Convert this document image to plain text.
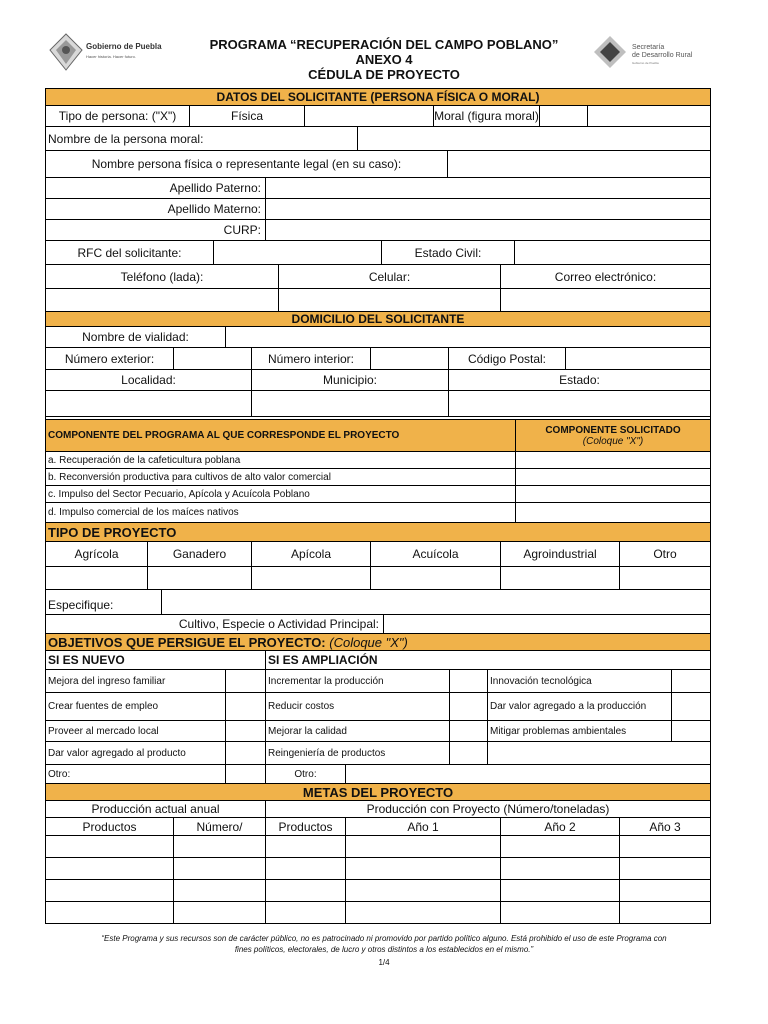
Gobierno de Puebla
Hacer historia. Hacer futuro.
PROGRAMA “RECUPERACIÓN DEL CAMPO POBLANO”
ANEXO 4
CÉDULA DE PROYECTO
Secretaría
de Desarrollo Rural
Gobierno de Puebla
DATOS DEL SOLICITANTE (PERSONA FÍSICA O MORAL)
Tipo de persona: ("X")	Física	Moral (figura moral)
Nombre de la persona moral:
Nombre persona física o representante legal (en su caso):
Apellido Paterno:
Apellido Materno:
CURP:
RFC del solicitante:	Estado Civil:
Teléfono (lada):	Celular:	Correo electrónico:
DOMICILIO DEL SOLICITANTE
Nombre de vialidad:
Número exterior:	Número interior:	Código Postal:
Localidad:	Municipio:	Estado:
COMPONENTE DEL PROGRAMA AL QUE CORRESPONDE EL PROYECTO	COMPONENTE SOLICITADO
(Coloque "X")
a. Recuperación de la cafeticultura poblana
b. Reconversión productiva para cultivos de alto valor comercial
c. Impulso del Sector Pecuario, Apícola y Acuícola Poblano
d. Impulso comercial de los maíces nativos
TIPO DE PROYECTO
Agrícola	Ganadero	Apícola	Acuícola	Agroindustrial	Otro
Especifique:
Cultivo, Especie o Actividad Principal:
OBJETIVOS QUE PERSIGUE EL PROYECTO:
(Coloque "X")
SI ES NUEVO	SI ES AMPLIACIÓN
Mejora del ingreso familiar	Incrementar la producción	Innovación tecnológica
Crear fuentes de empleo	Reducir costos	Dar valor agregado a la producción
Proveer al mercado local	Mejorar la calidad	Mitigar problemas ambientales
Dar valor agregado al producto	Reingeniería de productos
Otro:	Otro:
METAS DEL PROYECTO
Producción actual anual	Producción con Proyecto (Número/toneladas)
Productos	Número/	Productos	Año 1	Año 2	Año 3
“Este Programa y sus recursos son de carácter público, no es patrocinado ni promovido por partido político alguno. Está prohibido el uso de este Programa con
fines políticos, electorales, de lucro y otros distintos a los establecidos en el mismo.”
1/4
